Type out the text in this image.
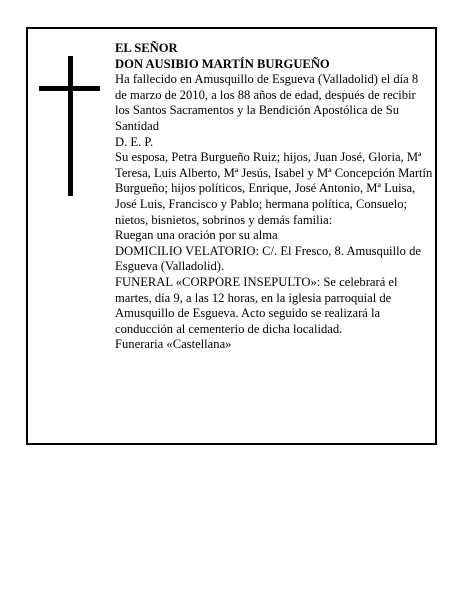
EL SEÑOR

DON AUSIBIO MARTÍN BURGUEÑO

Ha fallecido en Amusquillo de Esgueva (Valladolid) el día 8 de marzo de 2010, a los 88 años de edad, después de recibir los Santos Sacramentos y la Bendición Apostólica de Su Santidad

D. E. P.

Su esposa, Petra Burgueño Ruiz; hijos, Juan José, Gloria, Mª Teresa, Luis Alberto, Mª Jesús, Isabel y Mª Concepción Martín Burgueño; hijos políticos, Enrique, José Antonio, Mª Luisa, José Luis, Francisco y Pablo; hermana política, Consuelo; nietos, bisnietos, sobrinos y demás familia:

Ruegan una oración por su alma

DOMICILIO VELATORIO: C/. El Fresco, 8. Amusquillo de Esgueva (Valladolid).

FUNERAL «CORPORE INSEPULTO»: Se celebrará el martes, día 9, a las 12 horas, en la iglesia parroquial de Amusquillo de Esgueva. Acto seguido se realizará la conducción al cementerio de dicha localidad.

Funeraria «Castellana»
